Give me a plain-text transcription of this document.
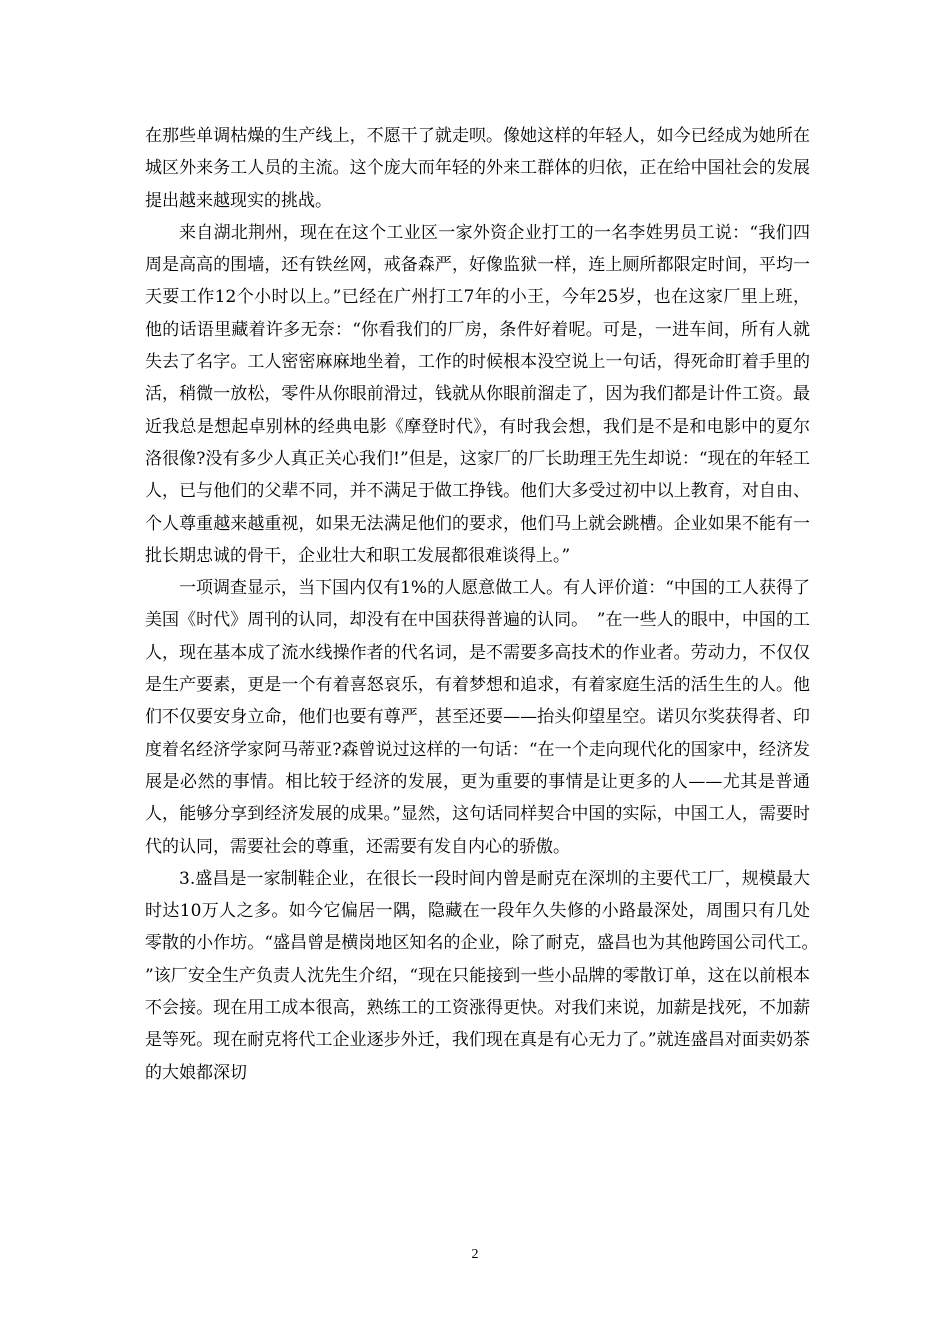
在那些单调枯燥的生产线上，不愿干了就走呗。像她这样的年轻人，如今已经成为她所在城区外来务工人员的主流。这个庞大而年轻的外来工群体的归依，正在给中国社会的发展提出越来越现实的挑战。

来自湖北荆州，现在在这个工业区一家外资企业打工的一名李姓男员工说：“我们四周是高高的围墙，还有铁丝网，戒备森严，好像监狱一样，连上厕所都限定时间，平均一天要工作12个小时以上。”已经在广州打工7年的小王，今年25岁，也在这家厂里上班，他的话语里藏着许多无奈：“你看我们的厂房，条件好着呢。可是，一进车间，所有人就失去了名字。工人密密麻麻地坐着，工作的时候根本没空说上一句话，得死命盯着手里的活，稍微一放松，零件从你眼前滑过，钱就从你眼前溜走了，因为我们都是计件工资。最近我总是想起卓别林的经典电影《摩登时代》，有时我会想，我们是不是和电影中的夏尔洛很像?没有多少人真正关心我们!”但是，这家厂的厂长助理王先生却说：“现在的年轻工人，已与他们的父辈不同，并不满足于做工挣钱。他们大多受过初中以上教育，对自由、个人尊重越来越重视，如果无法满足他们的要求，他们马上就会跳槽。企业如果不能有一批长期忠诚的骨干，企业壮大和职工发展都很难谈得上。”

一项调查显示，当下国内仅有1%的人愿意做工人。有人评价道：“中国的工人获得了美国《时代》周刊的认同，却没有在中国获得普遍的认同。　”在一些人的眼中，中国的工人，现在基本成了流水线操作者的代名词，是不需要多高技术的作业者。劳动力，不仅仅是生产要素，更是一个有着喜怒哀乐，有着梦想和追求，有着家庭生活的活生生的人。他们不仅要安身立命，他们也要有尊严，甚至还要——抬头仰望星空。诺贝尔奖获得者、印度着名经济学家阿马蒂亚?森曾说过这样的一句话：“在一个走向现代化的国家中，经济发展是必然的事情。相比较于经济的发展，更为重要的事情是让更多的人——尤其是普通人，能够分享到经济发展的成果。”显然，这句话同样契合中国的实际，中国工人，需要时代的认同，需要社会的尊重，还需要有发自内心的骄傲。

3.盛昌是一家制鞋企业，在很长一段时间内曾是耐克在深圳的主要代工厂，规模最大时达10万人之多。如今它偏居一隅，隐藏在一段年久失修的小路最深处，周围只有几处零散的小作坊。“盛昌曾是横岗地区知名的企业，除了耐克，盛昌也为其他跨国公司代工。　”该厂安全生产负责人沈先生介绍，“现在只能接到一些小品牌的零散订单，这在以前根本不会接。现在用工成本很高，熟练工的工资涨得更快。对我们来说，加薪是找死，不加薪是等死。现在耐克将代工企业逐步外迁，我们现在真是有心无力了。”就连盛昌对面卖奶茶的大娘都深切

2
